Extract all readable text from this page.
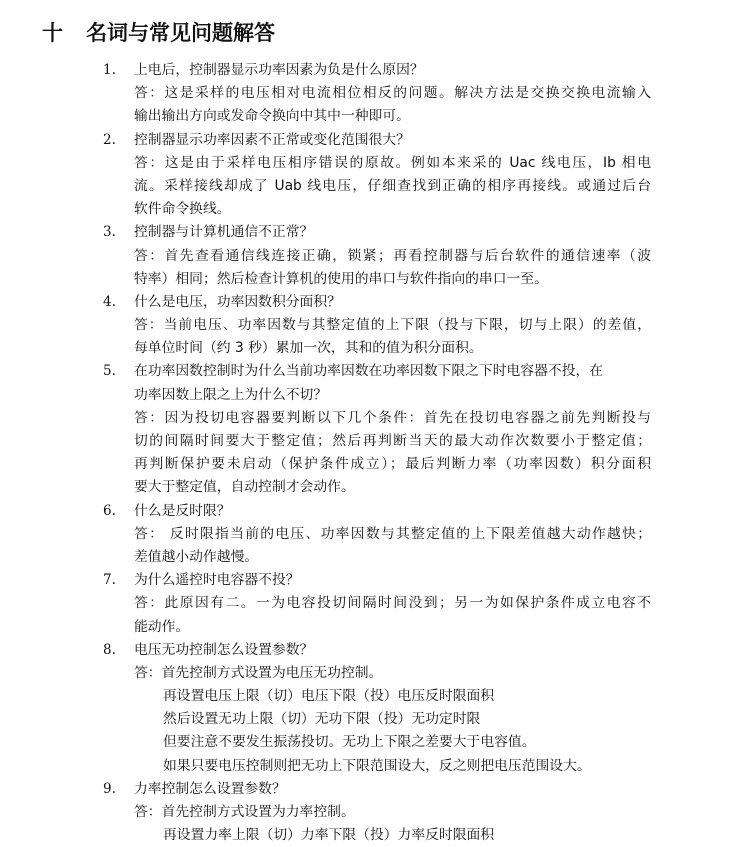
十 名词与常见问题解答
1. 上电后，控制器显示功率因素为负是什么原因？
答：这是采样的电压相对电流相位相反的问题。解决方法是交换交换电流输入
输出输出方向或发命令换向中其中一种即可。
2. 控制器显示功率因素不正常或变化范围很大？
答：这是由于采样电压相序错误的原故。例如本来采的 Uac 线电压，Ib 相电
流。采样接线却成了 Uab 线电压，仔细查找到正确的相序再接线。或通过后台
软件命令换线。
3. 控制器与计算机通信不正常？
答：首先查看通信线连接正确，锁紧；再看控制器与后台软件的通信速率（波
特率）相同；然后检查计算机的使用的串口与软件指向的串口一至。
4. 什么是电压，功率因数积分面积？
答：当前电压、功率因数与其整定值的上下限（投与下限，切与上限）的差值，
每单位时间（约 3 秒）累加一次，其和的值为积分面积。
5. 在功率因数控制时为什么当前功率因数在功率因数下限之下时电容器不投，在
功率因数上限之上为什么不切？
答：因为投切电容器要判断以下几个条件：首先在投切电容器之前先判断投与
切的间隔时间要大于整定值；然后再判断当天的最大动作次数要小于整定值；
再判断保护要未启动（保护条件成立）；最后判断力率（功率因数）积分面积
要大于整定值，自动控制才会动作。
6. 什么是反时限？
答： 反时限指当前的电压、功率因数与其整定值的上下限差值越大动作越快；
差值越小动作越慢。
7. 为什么遥控时电容器不投？
答：此原因有二。一为电容投切间隔时间没到；另一为如保护条件成立电容不
能动作。
8. 电压无功控制怎么设置参数？
答：首先控制方式设置为电压无功控制。
再设置电压上限（切）电压下限（投）电压反时限面积
然后设置无功上限（切）无功下限（投）无功定时限
但要注意不要发生振荡投切。无功上下限之差要大于电容值。
如果只要电压控制则把无功上下限范围设大，反之则把电压范围设大。
9. 力率控制怎么设置参数？
答：首先控制方式设置为力率控制。
再设置力率上限（切）力率下限（投）力率反时限面积
